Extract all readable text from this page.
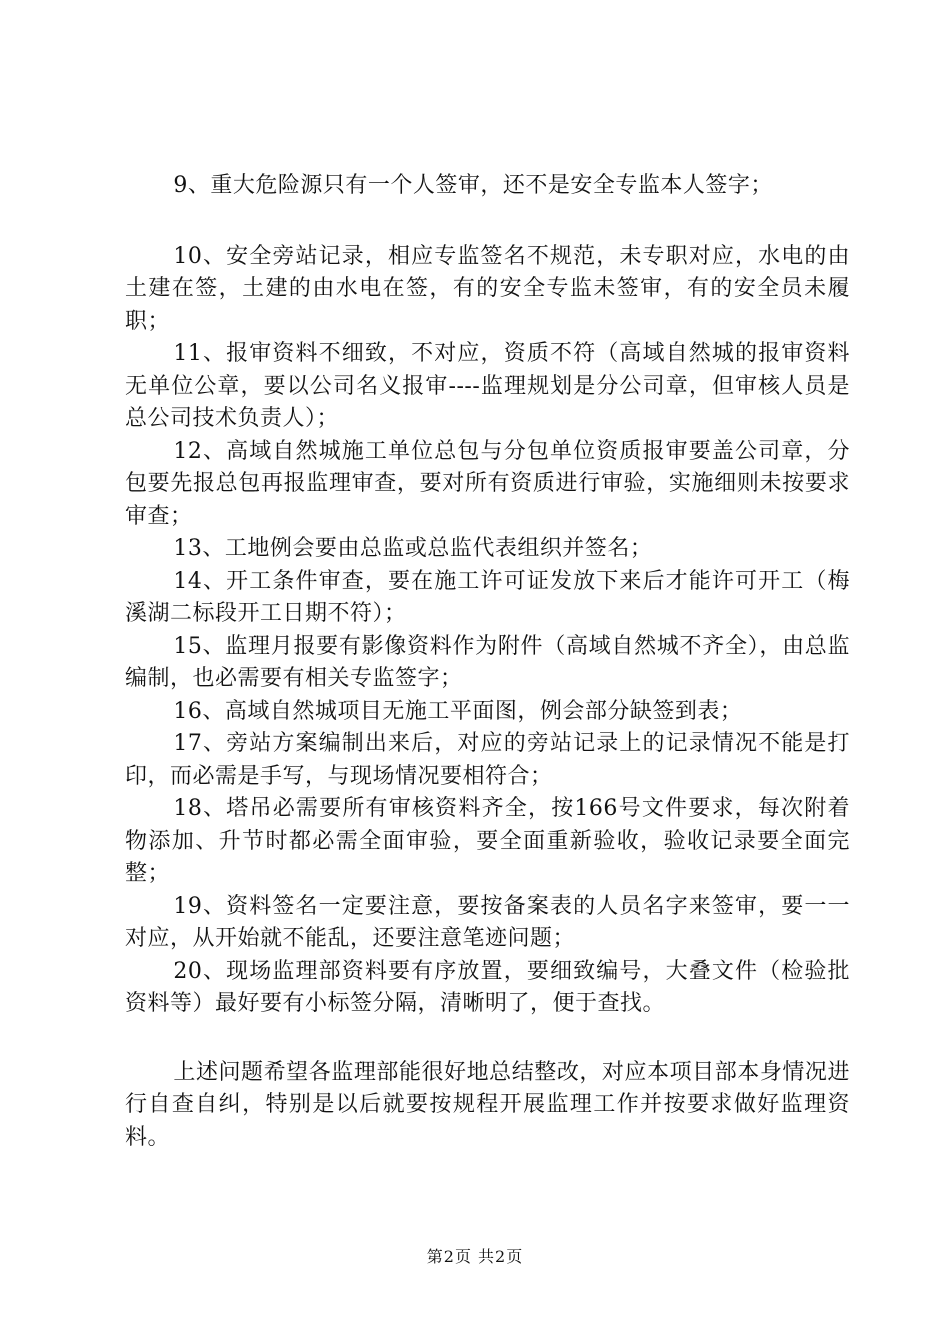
9、重大危险源只有一个人签审，还不是安全专监本人签字；

10、安全旁站记录，相应专监签名不规范，未专职对应，水电的由土建在签，土建的由水电在签，有的安全专监未签审，有的安全员未履职；

11、报审资料不细致，不对应，资质不符（高域自然城的报审资料无单位公章，要以公司名义报审----监理规划是分公司章，但审核人员是总公司技术负责人）；

12、高域自然城施工单位总包与分包单位资质报审要盖公司章，分包要先报总包再报监理审查，要对所有资质进行审验，实施细则未按要求审查；

13、工地例会要由总监或总监代表组织并签名；

14、开工条件审查，要在施工许可证发放下来后才能许可开工（梅溪湖二标段开工日期不符）；

15、监理月报要有影像资料作为附件（高域自然城不齐全），由总监编制，也必需要有相关专监签字；

16、高域自然城项目无施工平面图，例会部分缺签到表；

17、旁站方案编制出来后，对应的旁站记录上的记录情况不能是打印，而必需是手写，与现场情况要相符合；

18、塔吊必需要所有审核资料齐全，按166号文件要求，每次附着物添加、升节时都必需全面审验，要全面重新验收，验收记录要全面完整；

19、资料签名一定要注意，要按备案表的人员名字来签审，要一一对应，从开始就不能乱，还要注意笔迹问题；

20、现场监理部资料要有序放置，要细致编号，大叠文件（检验批资料等）最好要有小标签分隔，清晰明了，便于查找。

上述问题希望各监理部能很好地总结整改，对应本项目部本身情况进行自查自纠，特别是以后就要按规程开展监理工作并按要求做好监理资料。

第2页 共2页
